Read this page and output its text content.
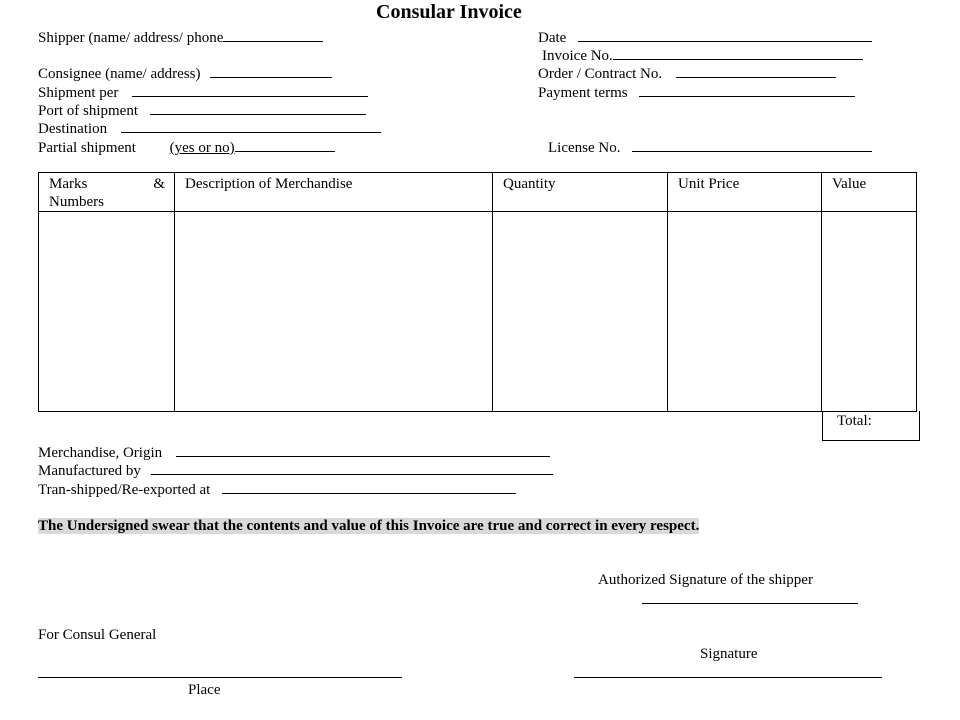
Consular Invoice
Shipper (name/ address/ phone
Consignee (name/ address)
Shipment per
Port of shipment
Destination
Partial shipment (yes or no)
Date
Invoice No.
Order / Contract No.
Payment terms
License No.
Marks &
Numbers	Description of Merchandise	Quantity	Unit Price	Value

Total:
Merchandise, Origin
Manufactured by
Tran-shipped/Re-exported at
The Undersigned swear that the contents and value of this Invoice are true and correct in every respect.
Authorized Signature of the shipper
For Consul General
Signature
Place
